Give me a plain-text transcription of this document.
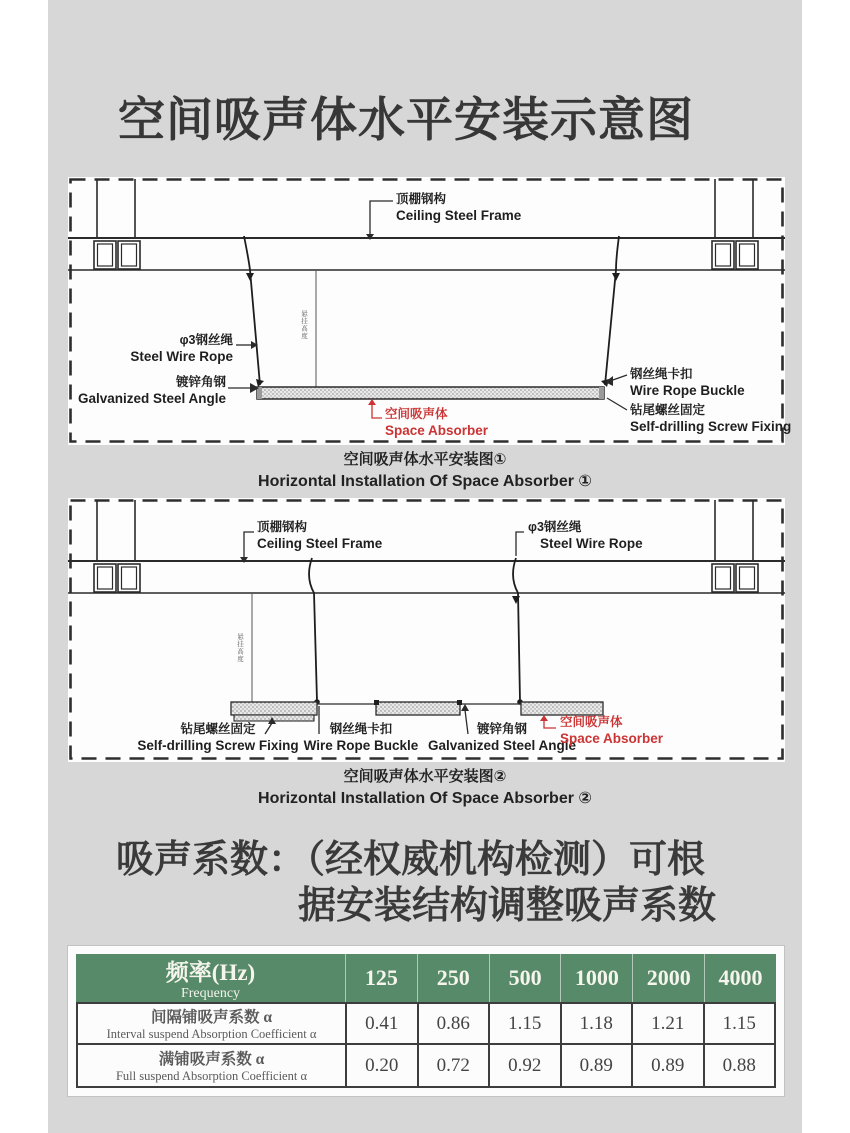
空间吸声体水平安装示意图
顶棚钢构
Ceiling Steel Frame
φ3钢丝绳
Steel Wire Rope
镀锌角钢
Galvanized Steel Angle
空间吸声体
Space Absorber
钢丝绳卡扣
Wire Rope Buckle
钻尾螺丝固定
Self-drilling Screw Fixing
悬挂高度
空间吸声体水平安装图①
Horizontal Installation Of Space Absorber ①
顶棚钢构
Ceiling Steel Frame
φ3钢丝绳
Steel Wire Rope
钻尾螺丝固定
Self-drilling Screw Fixing
钢丝绳卡扣
Wire Rope Buckle
镀锌角钢
Galvanized Steel Angle
空间吸声体
Space Absorber
悬挂高度
空间吸声体水平安装图②
Horizontal Installation Of Space Absorber ②
吸声系数：（经权威机构检测）可根
据安装结构调整吸声系数
频率(Hz)
Frequency
125	250	500	1000	2000	4000
间隔铺吸声系数 α
Interval suspend Absorption Coefficient α
0.41	0.86	1.15	1.18	1.21	1.15
满铺吸声系数 α
Full suspend Absorption Coefficient α
0.20	0.72	0.92	0.89	0.89	0.88
